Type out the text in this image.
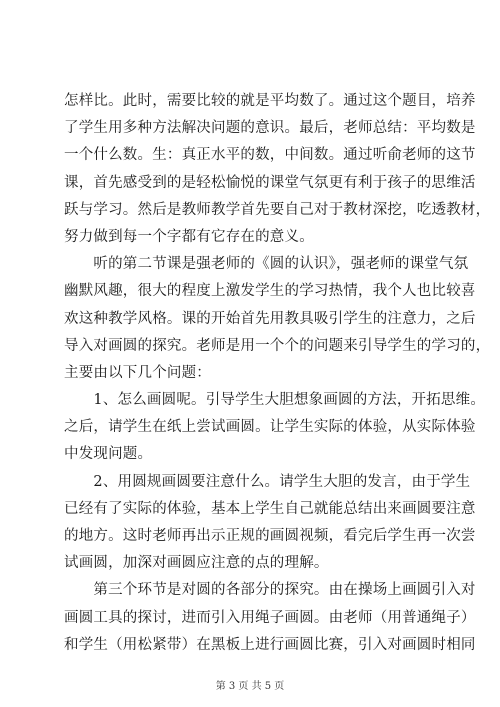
怎样比。此时，需要比较的就是平均数了。通过这个题目，培养
了学生用多种方法解决问题的意识。最后，老师总结：平均数是
一个什么数。生：真正水平的数，中间数。通过听俞老师的这节
课，首先感受到的是轻松愉悦的课堂气氛更有利于孩子的思维活
跃与学习。然后是教师教学首先要自己对于教材深挖，吃透教材，
努力做到每一个字都有它存在的意义。
　　听的第二节课是强老师的《圆的认识》，强老师的课堂气氛
幽默风趣，很大的程度上激发学生的学习热情，我个人也比较喜
欢这种教学风格。课的开始首先用教具吸引学生的注意力，之后
导入对画圆的探究。老师是用一个个的问题来引导学生的学习的，
主要由以下几个问题：
　　1、怎么画圆呢。引导学生大胆想象画圆的方法，开拓思维。
之后，请学生在纸上尝试画圆。让学生实际的体验，从实际体验
中发现问题。
　　2、用圆规画圆要注意什么。请学生大胆的发言，由于学生
已经有了实际的体验，基本上学生自己就能总结出来画圆要注意
的地方。这时老师再出示正规的画圆视频，看完后学生再一次尝
试画圆，加深对画圆应注意的点的理解。
　　第三个环节是对圆的各部分的探究。由在操场上画圆引入对
画圆工具的探讨，进而引入用绳子画圆。由老师（用普通绳子）
和学生（用松紧带）在黑板上进行画圆比赛，引入对画圆时相同
第 3 页 共 5 页
